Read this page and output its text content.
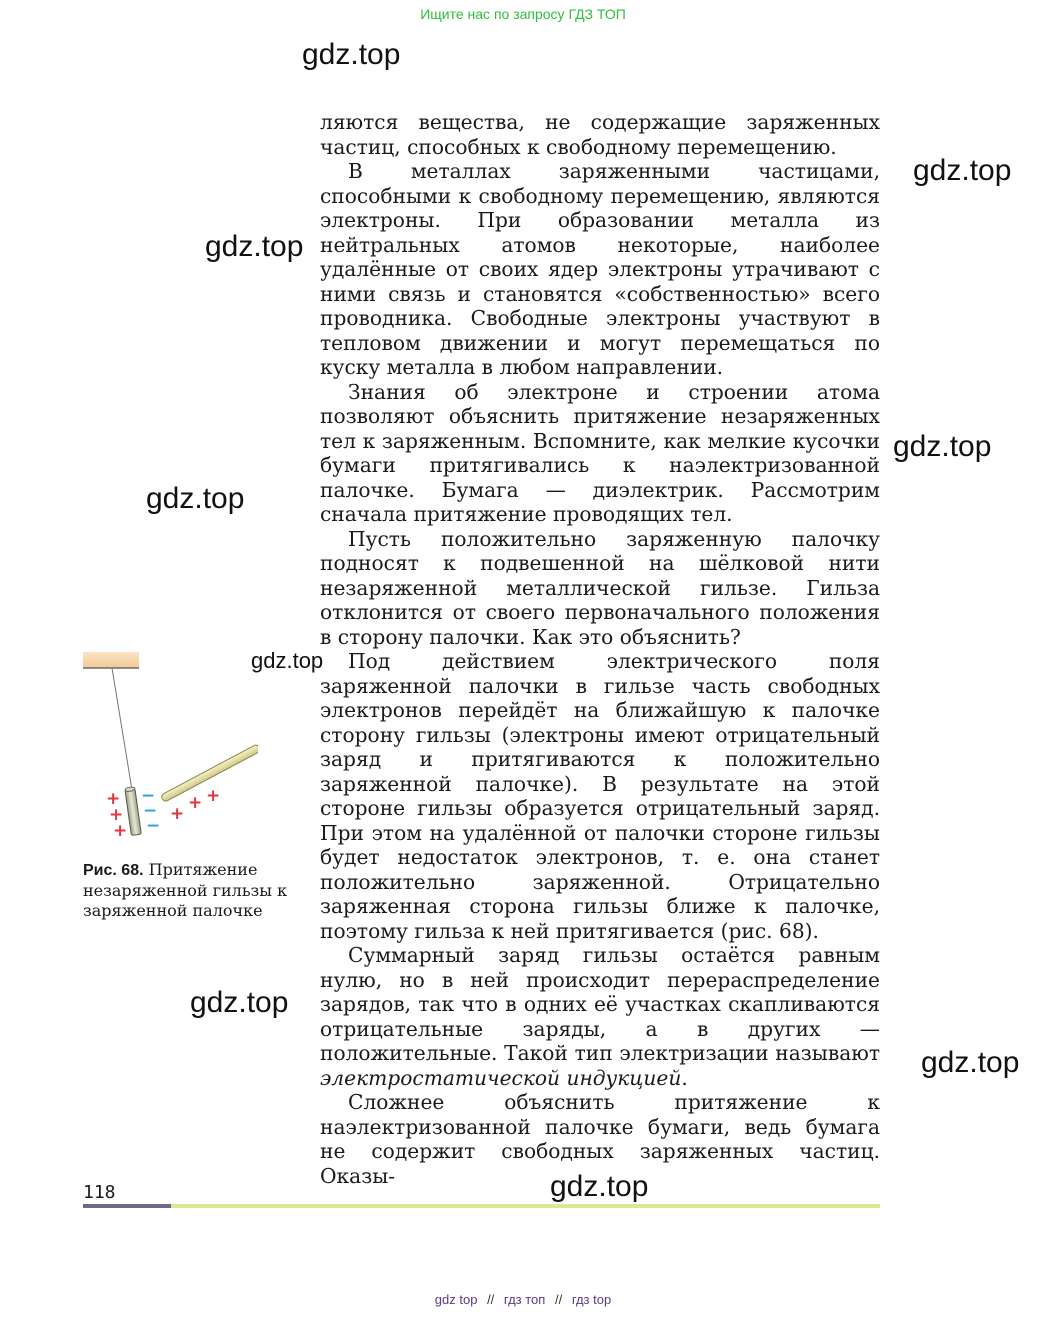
Ищите нас по запросу ГДЗ ТОП
gdz.top
gdz.top
gdz.top
gdz.top
gdz.top
gdz.top
gdz.top
gdz.top
gdz.top

ляются вещества, не содержащие заряженных частиц, способных к свободному перемещению.

В металлах заряженными частицами, способными к свободному перемещению, являются электроны. При образовании металла из нейтральных атомов некоторые, наиболее удалённые от своих ядер электроны утрачивают с ними связь и становятся «собственностью» всего проводника. Свободные электроны участвуют в тепловом движении и могут перемещаться по куску металла в любом направлении.

Знания об электроне и строении атома позволяют объяснить притяжение незаряженных тел к заряженным. Вспомните, как мелкие кусочки бумаги притягивались к наэлектризованной палочке. Бумага — диэлектрик. Рассмотрим сначала притяжение проводящих тел.

Пусть положительно заряженную палочку подносят к подвешенной на шёлковой нити незаряженной металлической гильзе. Гильза отклонится от своего первоначального положения в сторону палочки. Как это объяснить?

Под действием электрического поля заряженной палочки в гильзе часть свободных электронов перейдёт на ближайшую к палочке сторону гильзы (электроны имеют отрицательный заряд и притягиваются к положительно заряженной палочке). В результате на этой стороне гильзы образуется отрицательный заряд. При этом на удалённой от палочки стороне гильзы будет недостаток электронов, т. е. она станет положительно заряженной. Отрицательно заряженная сторона гильзы ближе к палочке, поэтому гильза к ней притягивается (рис. 68).

Суммарный заряд гильзы остаётся равным нулю, но в ней происходит перераспределение зарядов, так что в одних её участках скапливаются отрицательные заряды, а в других — положительные. Такой тип электризации называют электростатической индукцией.

Сложнее объяснить притяжение к наэлектризованной палочке бумаги, ведь бумага не содержит свободных заряженных частиц. Оказы-

+
+
+
−
−
−
+
+ +
Рис. 68. Притяжение незаряженной гильзы к заряженной палочке
118
gdz top // гдз топ // гдз top
